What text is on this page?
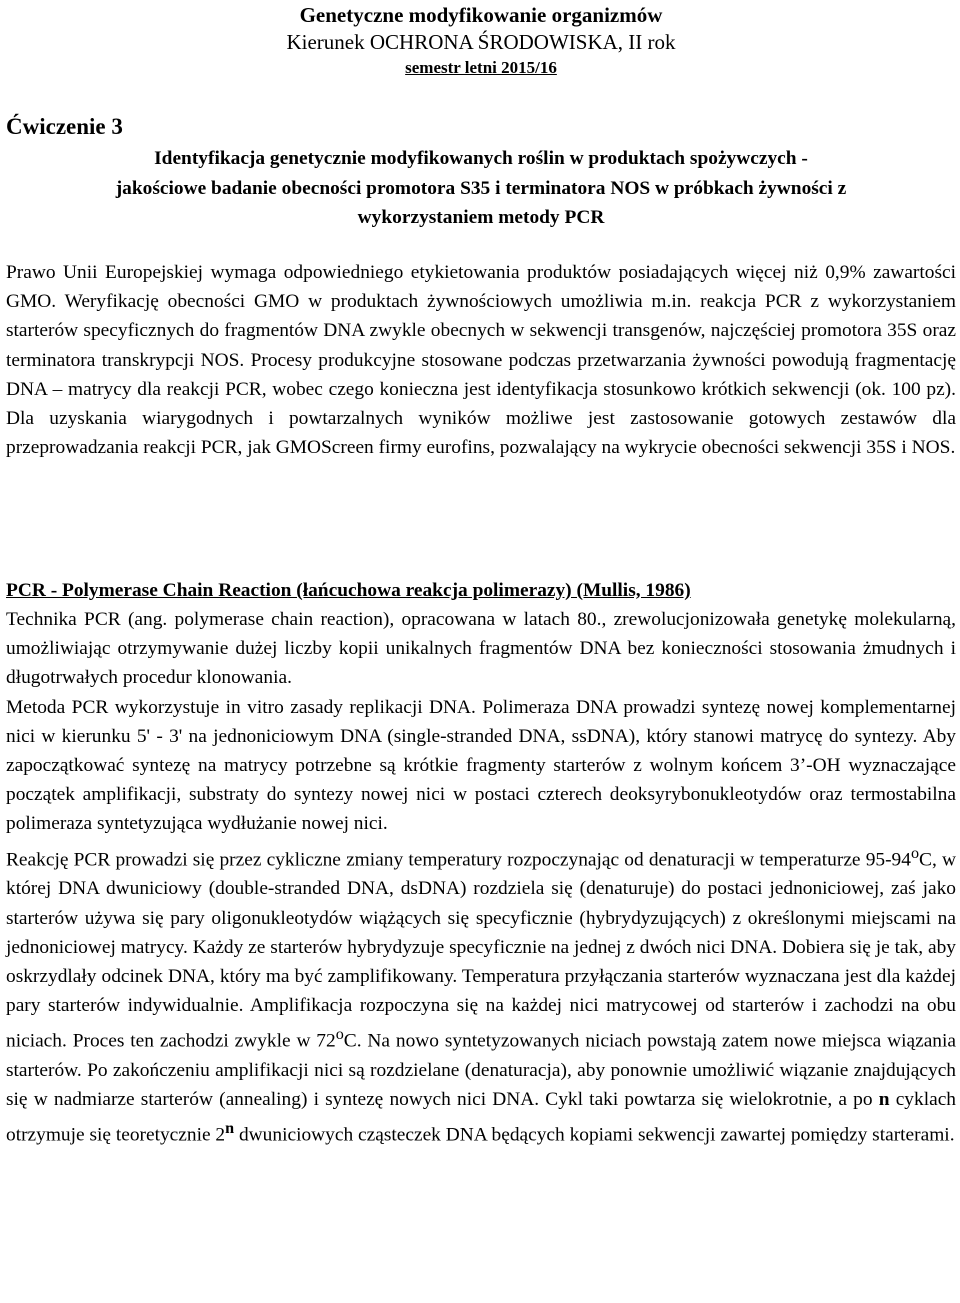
Genetyczne modyfikowanie organizmów
Kierunek OCHRONA ŚRODOWISKA, II rok
semestr letni 2015/16
Ćwiczenie 3
Identyfikacja genetycznie modyfikowanych roślin w produktach spożywczych -
jakościowe badanie obecności promotora S35 i terminatora NOS w próbkach żywności z
wykorzystaniem metody PCR

Prawo Unii Europejskiej wymaga odpowiedniego etykietowania produktów posiadających więcej niż 0,9% zawartości GMO. Weryfikację obecności GMO w produktach żywnościowych umożliwia m.in. reakcja PCR z wykorzystaniem starterów specyficznych do fragmentów DNA zwykle obecnych w sekwencji transgenów, najczęściej promotora 35S oraz terminatora transkrypcji NOS. Procesy produkcyjne stosowane podczas przetwarzania żywności powodują fragmentację DNA – matrycy dla reakcji PCR, wobec czego konieczna jest identyfikacja stosunkowo krótkich sekwencji (ok. 100 pz). Dla uzyskania wiarygodnych i powtarzalnych wyników możliwe jest zastosowanie gotowych zestawów dla przeprowadzania reakcji PCR, jak GMOScreen firmy eurofins, pozwalający na wykrycie obecności sekwencji 35S i NOS.

PCR - Polymerase Chain Reaction (łańcuchowa reakcja polimerazy) (Mullis, 1986)
Technika PCR (ang. polymerase chain reaction), opracowana w latach 80., zrewolucjonizowała genetykę molekularną, umożliwiając otrzymywanie dużej liczby kopii unikalnych fragmentów DNA bez konieczności stosowania żmudnych i długotrwałych procedur klonowania.
Metoda PCR wykorzystuje in vitro zasady replikacji DNA. Polimeraza DNA prowadzi syntezę nowej komplementarnej nici w kierunku 5' - 3' na jednoniciowym DNA (single-stranded DNA, ssDNA), który stanowi matrycę do syntezy. Aby zapoczątkować syntezę na matrycy potrzebne są krótkie fragmenty starterów z wolnym końcem 3’-OH wyznaczające początek amplifikacji, substraty do syntezy nowej nici w postaci czterech deoksyrybonukleotydów oraz termostabilna polimeraza syntetyzująca wydłużanie nowej nici.
Reakcję PCR prowadzi się przez cykliczne zmiany temperatury rozpoczynając od denaturacji w temperaturze 95-94$^o$C, w której DNA dwuniciowy (double-stranded DNA, dsDNA) rozdziela się (denaturuje) do postaci jednoniciowej, zaś jako starterów używa się pary oligonukleotydów wiążących się specyficznie (hybrydyzujących) z określonymi miejscami na jednoniciowej matrycy. Każdy ze starterów hybrydyzuje specyficznie na jednej z dwóch nici DNA. Dobiera się je tak, aby oskrzydlały odcinek DNA, który ma być zamplifikowany. Temperatura przyłączania starterów wyznaczana jest dla każdej pary starterów indywidualnie. Amplifikacja rozpoczyna się na każdej nici matrycowej od starterów i zachodzi na obu niciach. Proces ten zachodzi zwykle w 72$^o$C. Na nowo syntetyzowanych niciach powstają zatem nowe miejsca wiązania starterów. Po zakończeniu amplifikacji nici są rozdzielane (denaturacja), aby ponownie umożliwić wiązanie znajdujących się w nadmiarze starterów (annealing) i syntezę nowych nici DNA. Cykl taki powtarza się wielokrotnie, a po n cyklach otrzymuje się teoretycznie 2$^n$ dwuniciowych cząsteczek DNA będących kopiami sekwencji zawartej pomiędzy starterami.
